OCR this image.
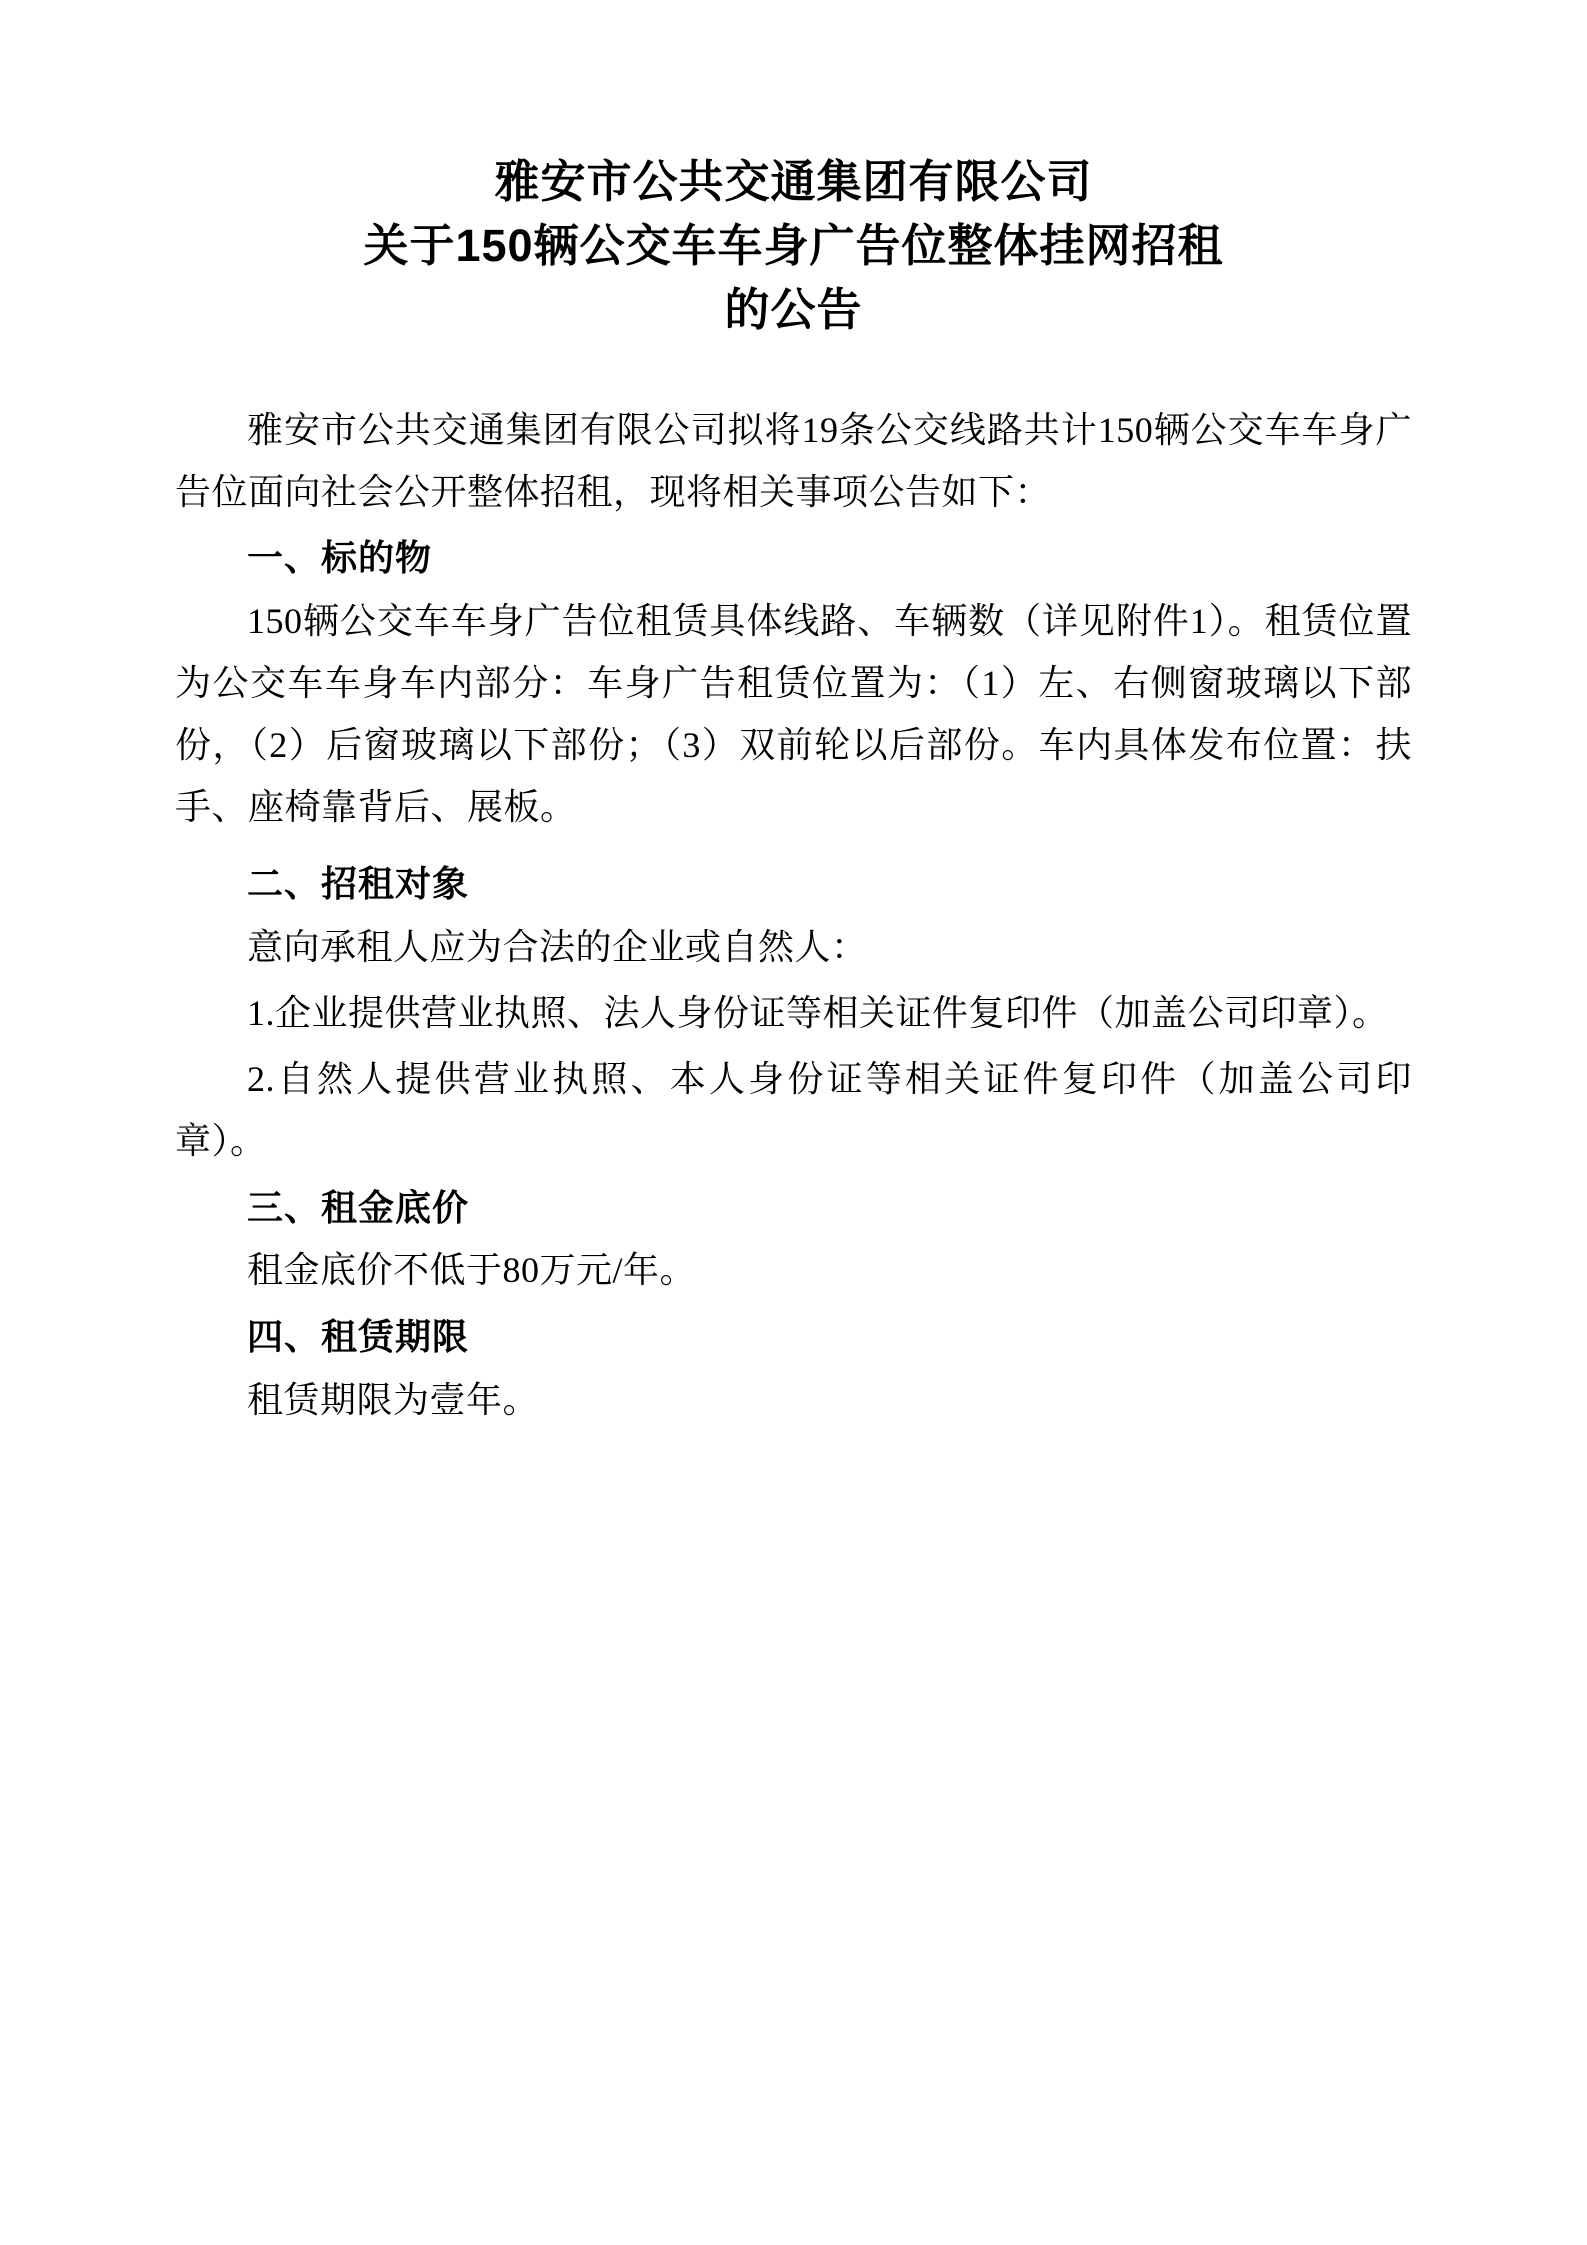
雅安市公共交通集团有限公司
关于150辆公交车车身广告位整体挂网招租
的公告

雅安市公共交通集团有限公司拟将19条公交线路共计150辆公交车车身广告位面向社会公开整体招租，现将相关事项公告如下：

一、标的物

150辆公交车车身广告位租赁具体线路、车辆数（详见附件1）。租赁位置为公交车车身车内部分：车身广告租赁位置为：（1）左、右侧窗玻璃以下部份，（2）后窗玻璃以下部份；（3）双前轮以后部份。车内具体发布位置：扶手、座椅靠背后、展板。

二、招租对象

意向承租人应为合法的企业或自然人：

1.企业提供营业执照、法人身份证等相关证件复印件（加盖公司印章）。

2.自然人提供营业执照、本人身份证等相关证件复印件（加盖公司印章）。

三、租金底价

租金底价不低于80万元/年。

四、租赁期限

租赁期限为壹年。
